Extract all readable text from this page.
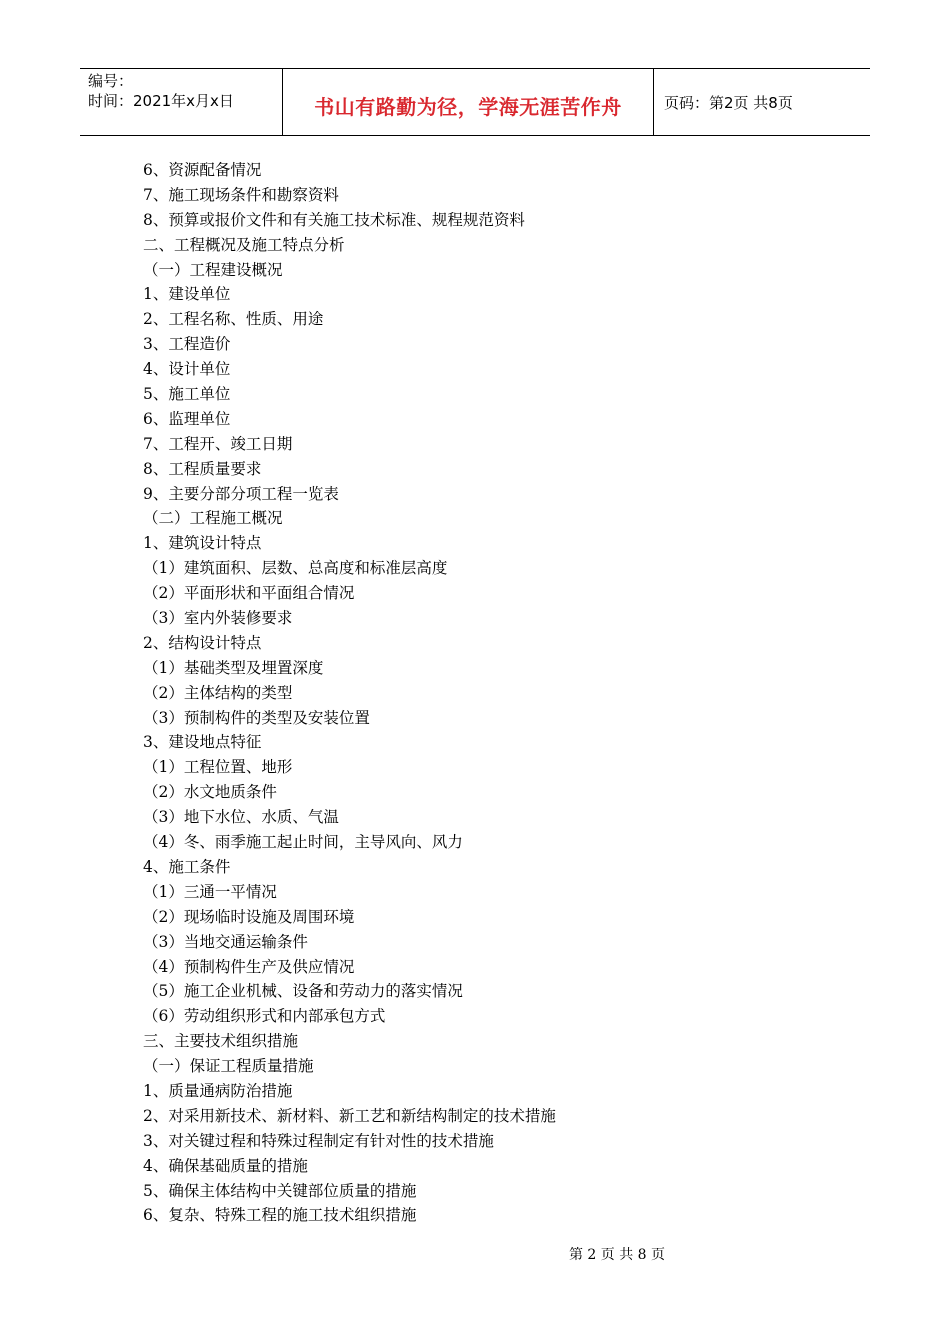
编号：
时间：2021年x月x日	书山有路勤为径，学海无涯苦作舟	页码：第2页 共8页
6、资源配备情况
7、施工现场条件和勘察资料
8、预算或报价文件和有关施工技术标准、规程规范资料
二、工程概况及施工特点分析
（一）工程建设概况
1、建设单位
2、工程名称、性质、用途
3、工程造价
4、设计单位
5、施工单位
6、监理单位
7、工程开、竣工日期
8、工程质量要求
9、主要分部分项工程一览表
（二）工程施工概况
1、建筑设计特点
（1）建筑面积、层数、总高度和标准层高度
（2）平面形状和平面组合情况
（3）室内外装修要求
2、结构设计特点
（1）基础类型及埋置深度
（2）主体结构的类型
（3）预制构件的类型及安装位置
3、建设地点特征
（1）工程位置、地形
（2）水文地质条件
（3）地下水位、水质、气温
（4）冬、雨季施工起止时间，主导风向、风力
4、施工条件
（1）三通一平情况
（2）现场临时设施及周围环境
（3）当地交通运输条件
（4）预制构件生产及供应情况
（5）施工企业机械、设备和劳动力的落实情况
（6）劳动组织形式和内部承包方式
三、主要技术组织措施
（一）保证工程质量措施
1、质量通病防治措施
2、对采用新技术、新材料、新工艺和新结构制定的技术措施
3、对关键过程和特殊过程制定有针对性的技术措施
4、确保基础质量的措施
5、确保主体结构中关键部位质量的措施
6、复杂、特殊工程的施工技术组织措施
第 2 页 共 8 页
